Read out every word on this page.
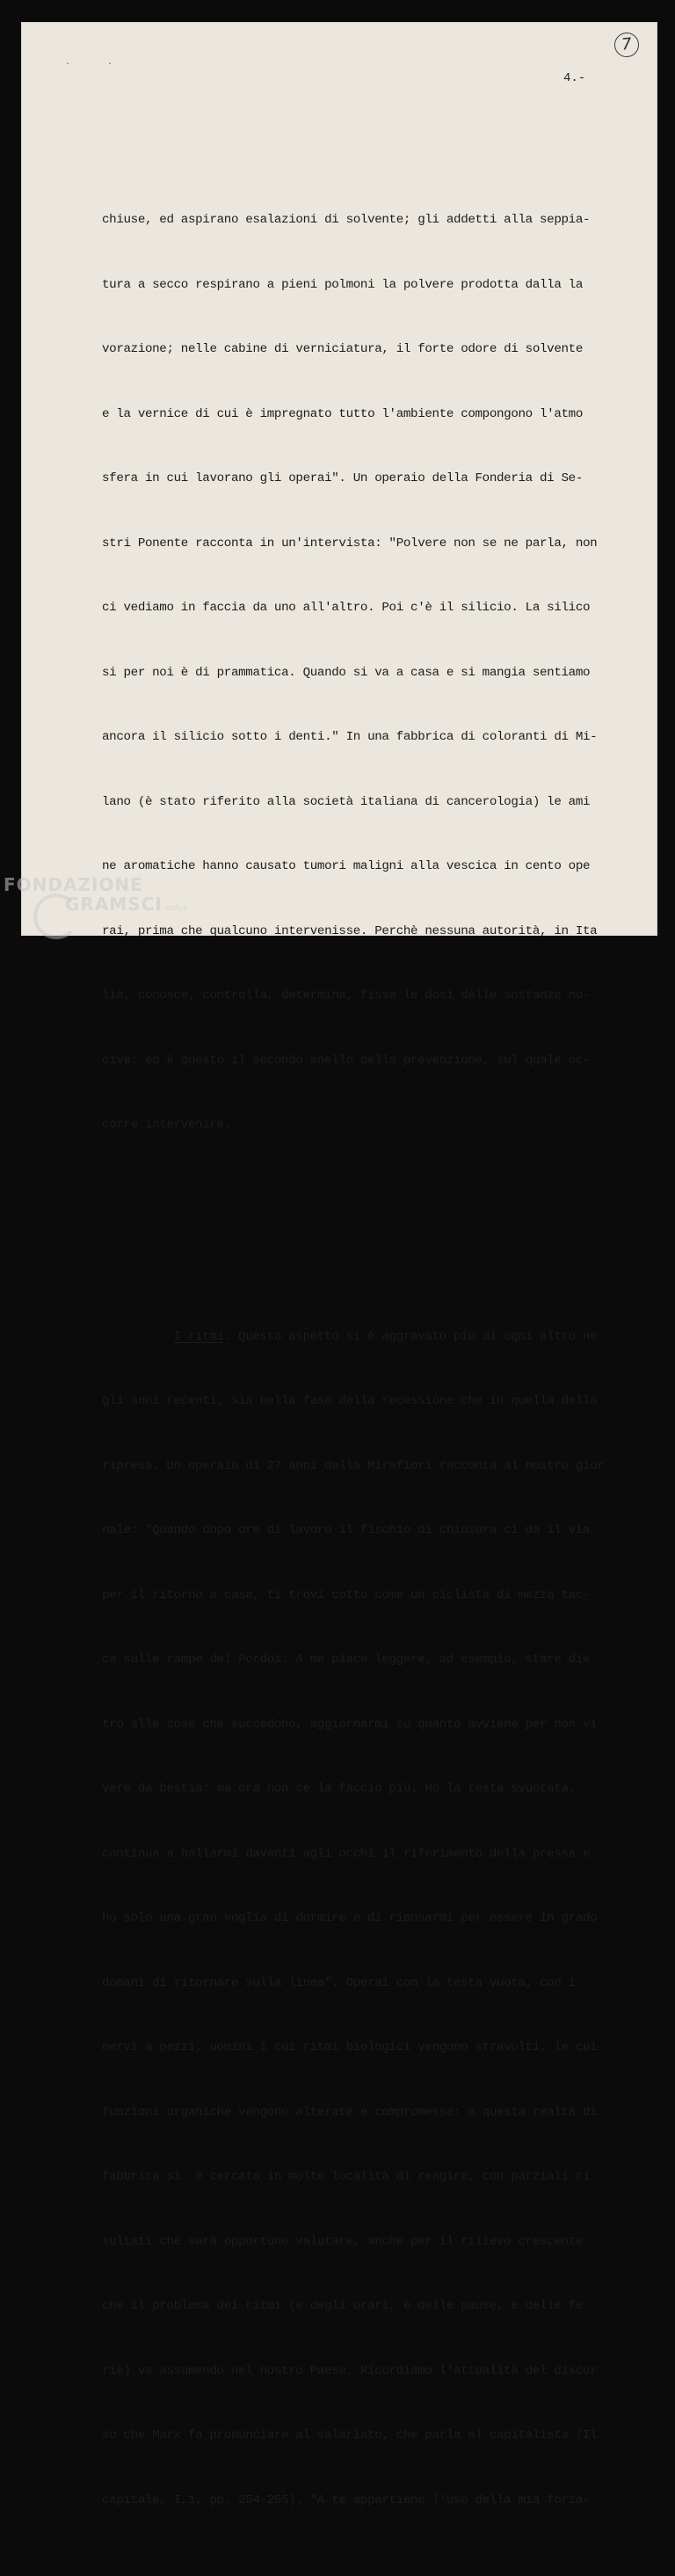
. .
7
4.-

chiuse, ed aspirano esalazioni di solvente; gli addetti alla seppia-

tura a secco respirano a pieni polmoni la polvere prodotta dalla la

vorazione; nelle cabine di verniciatura, il forte odore di solvente

e la vernice di cui è impregnato tutto l'ambiente compongono l'atmo

sfera in cui lavorano gli operai". Un operaio della Fonderia di Se-

stri Ponente racconta in un'intervista: "Polvere non se ne parla, non

ci vediamo in faccia da uno all'altro. Poi c'è il silicio. La silico

si per noi è di prammatica. Quando si va a casa e si mangia sentiamo

ancora il silicio sotto i denti." In una fabbrica di coloranti di Mi-

lano (è stato riferito alla società italiana di cancerologia) le ami

ne aromatiche hanno causato tumori maligni alla vescica in cento ope

rai, prima che qualcuno intervenisse. Perchè nessuna autorità, in Ita

lia, conosce, controlla, determina, fissa le dosi delle sostanze no-

cive: ed è questo il secondo anello della prevenzione, sul quale oc-

corre intervenire.

I ritmi. Questo aspetto si è aggravato più di ogni altro ne

gli anni recenti, sia nella fase della recessione che in quella della

ripresa. Un operaio di 27 anni della Mirafiori racconta al nostro gior

nale: "Quando dopo ore di lavoro il fischio di chiusura ci da il via

per il ritorno a casa, ti trovi cotto come un ciclista di mezza tac-

ca sulle rampe del Pordoi. A me piace leggere, ad esempio, stare die

tro alle cose che succedono, aggiornarmi su quanto avviene per non vi

vere da bestia: ma ora non ce la faccio più. Ho la testa svuotata,

continua a ballarmi davanti agli occhi il riferimento della pressa e

ho solo una gran voglia di dormire e di riposarmi per essere in grado

domani di ritornare sulla linea". Operai con la testa vuota, con i

nervi a pezzi, uomini i cui ritmi biologici vengono stravolti, le cui

funzioni organiche vengono alterate e compromesse: a questa realtà di

fabbrica si  è cercato in molte località di reagire, con parziali ri

sultati che sarà opportuno valutare, anche per il rilievo crescente

che il problema dei ritmi (e degli orari, e delle pause, e delle fe

rie) va assumendo nel nostro Paese. Ricordiamo l'attualità del discor

so che Marx fa pronunciare al salariato, che parla al capitalista (Il

capitale, I,1, pp. 254-255). "A te appartiene l'uso della mia forza-

FONDAZIONE
GRAMSCI onlus
